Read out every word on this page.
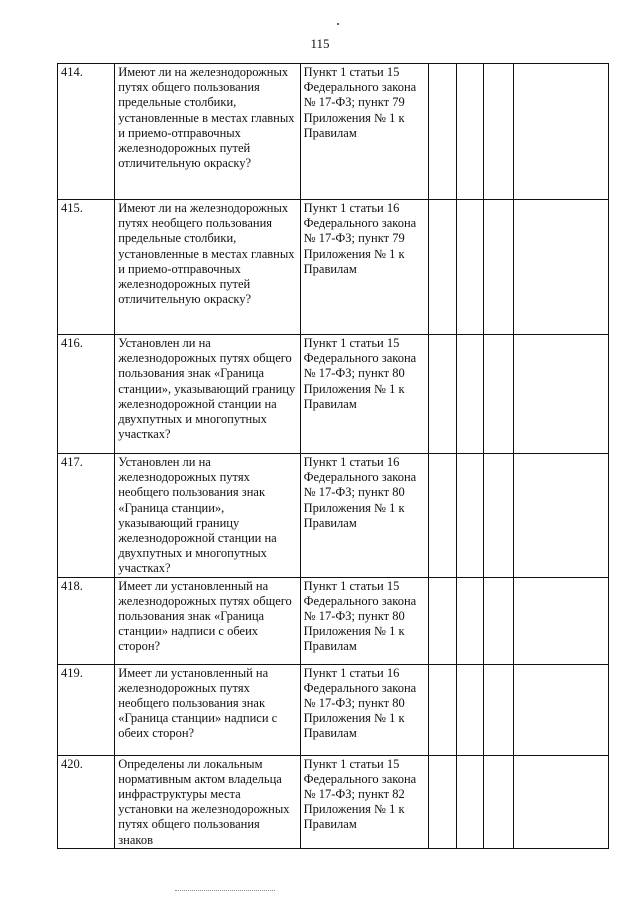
115
414.	Имеют ли на железнодорожных путях общего пользования предельные столбики, установленные в местах главных и приемо-отправочных железнодорожных путей отличительную окраску?	Пункт 1 статьи 15 Федерального закона № 17-ФЗ; пункт 79 Приложения № 1 к Правилам				
415.	Имеют ли на железнодорожных путях необщего пользования предельные столбики, установленные в местах главных и приемо-отправочных железнодорожных путей отличительную окраску?	Пункт 1 статьи 16 Федерального закона № 17-ФЗ; пункт 79 Приложения № 1 к Правилам				
416.	Установлен ли на железнодорожных путях общего пользования знак «Граница станции», указывающий границу железнодорожной станции на двухпутных и многопутных участках?	Пункт 1 статьи 15 Федерального закона № 17-ФЗ; пункт 80 Приложения № 1 к Правилам				
417.	Установлен ли на железнодорожных путях необщего пользования знак «Граница станции», указывающий границу железнодорожной станции на двухпутных и многопутных участках?	Пункт 1 статьи 16 Федерального закона № 17-ФЗ; пункт 80 Приложения № 1 к Правилам				
418.	Имеет ли установленный на железнодорожных путях общего пользования знак «Граница станции» надписи с обеих сторон?	Пункт 1 статьи 15 Федерального закона № 17-ФЗ; пункт 80 Приложения № 1 к Правилам				
419.	Имеет ли установленный на железнодорожных путях необщего пользования знак «Граница станции» надписи с обеих сторон?	Пункт 1 статьи 16 Федерального закона № 17-ФЗ; пункт 80 Приложения № 1 к Правилам				
420.	Определены ли локальным нормативным актом владельца инфраструктуры места установки на железнодорожных путях общего пользования знаков	Пункт 1 статьи 15 Федерального закона № 17-ФЗ; пункт 82 Приложения № 1 к Правилам				
